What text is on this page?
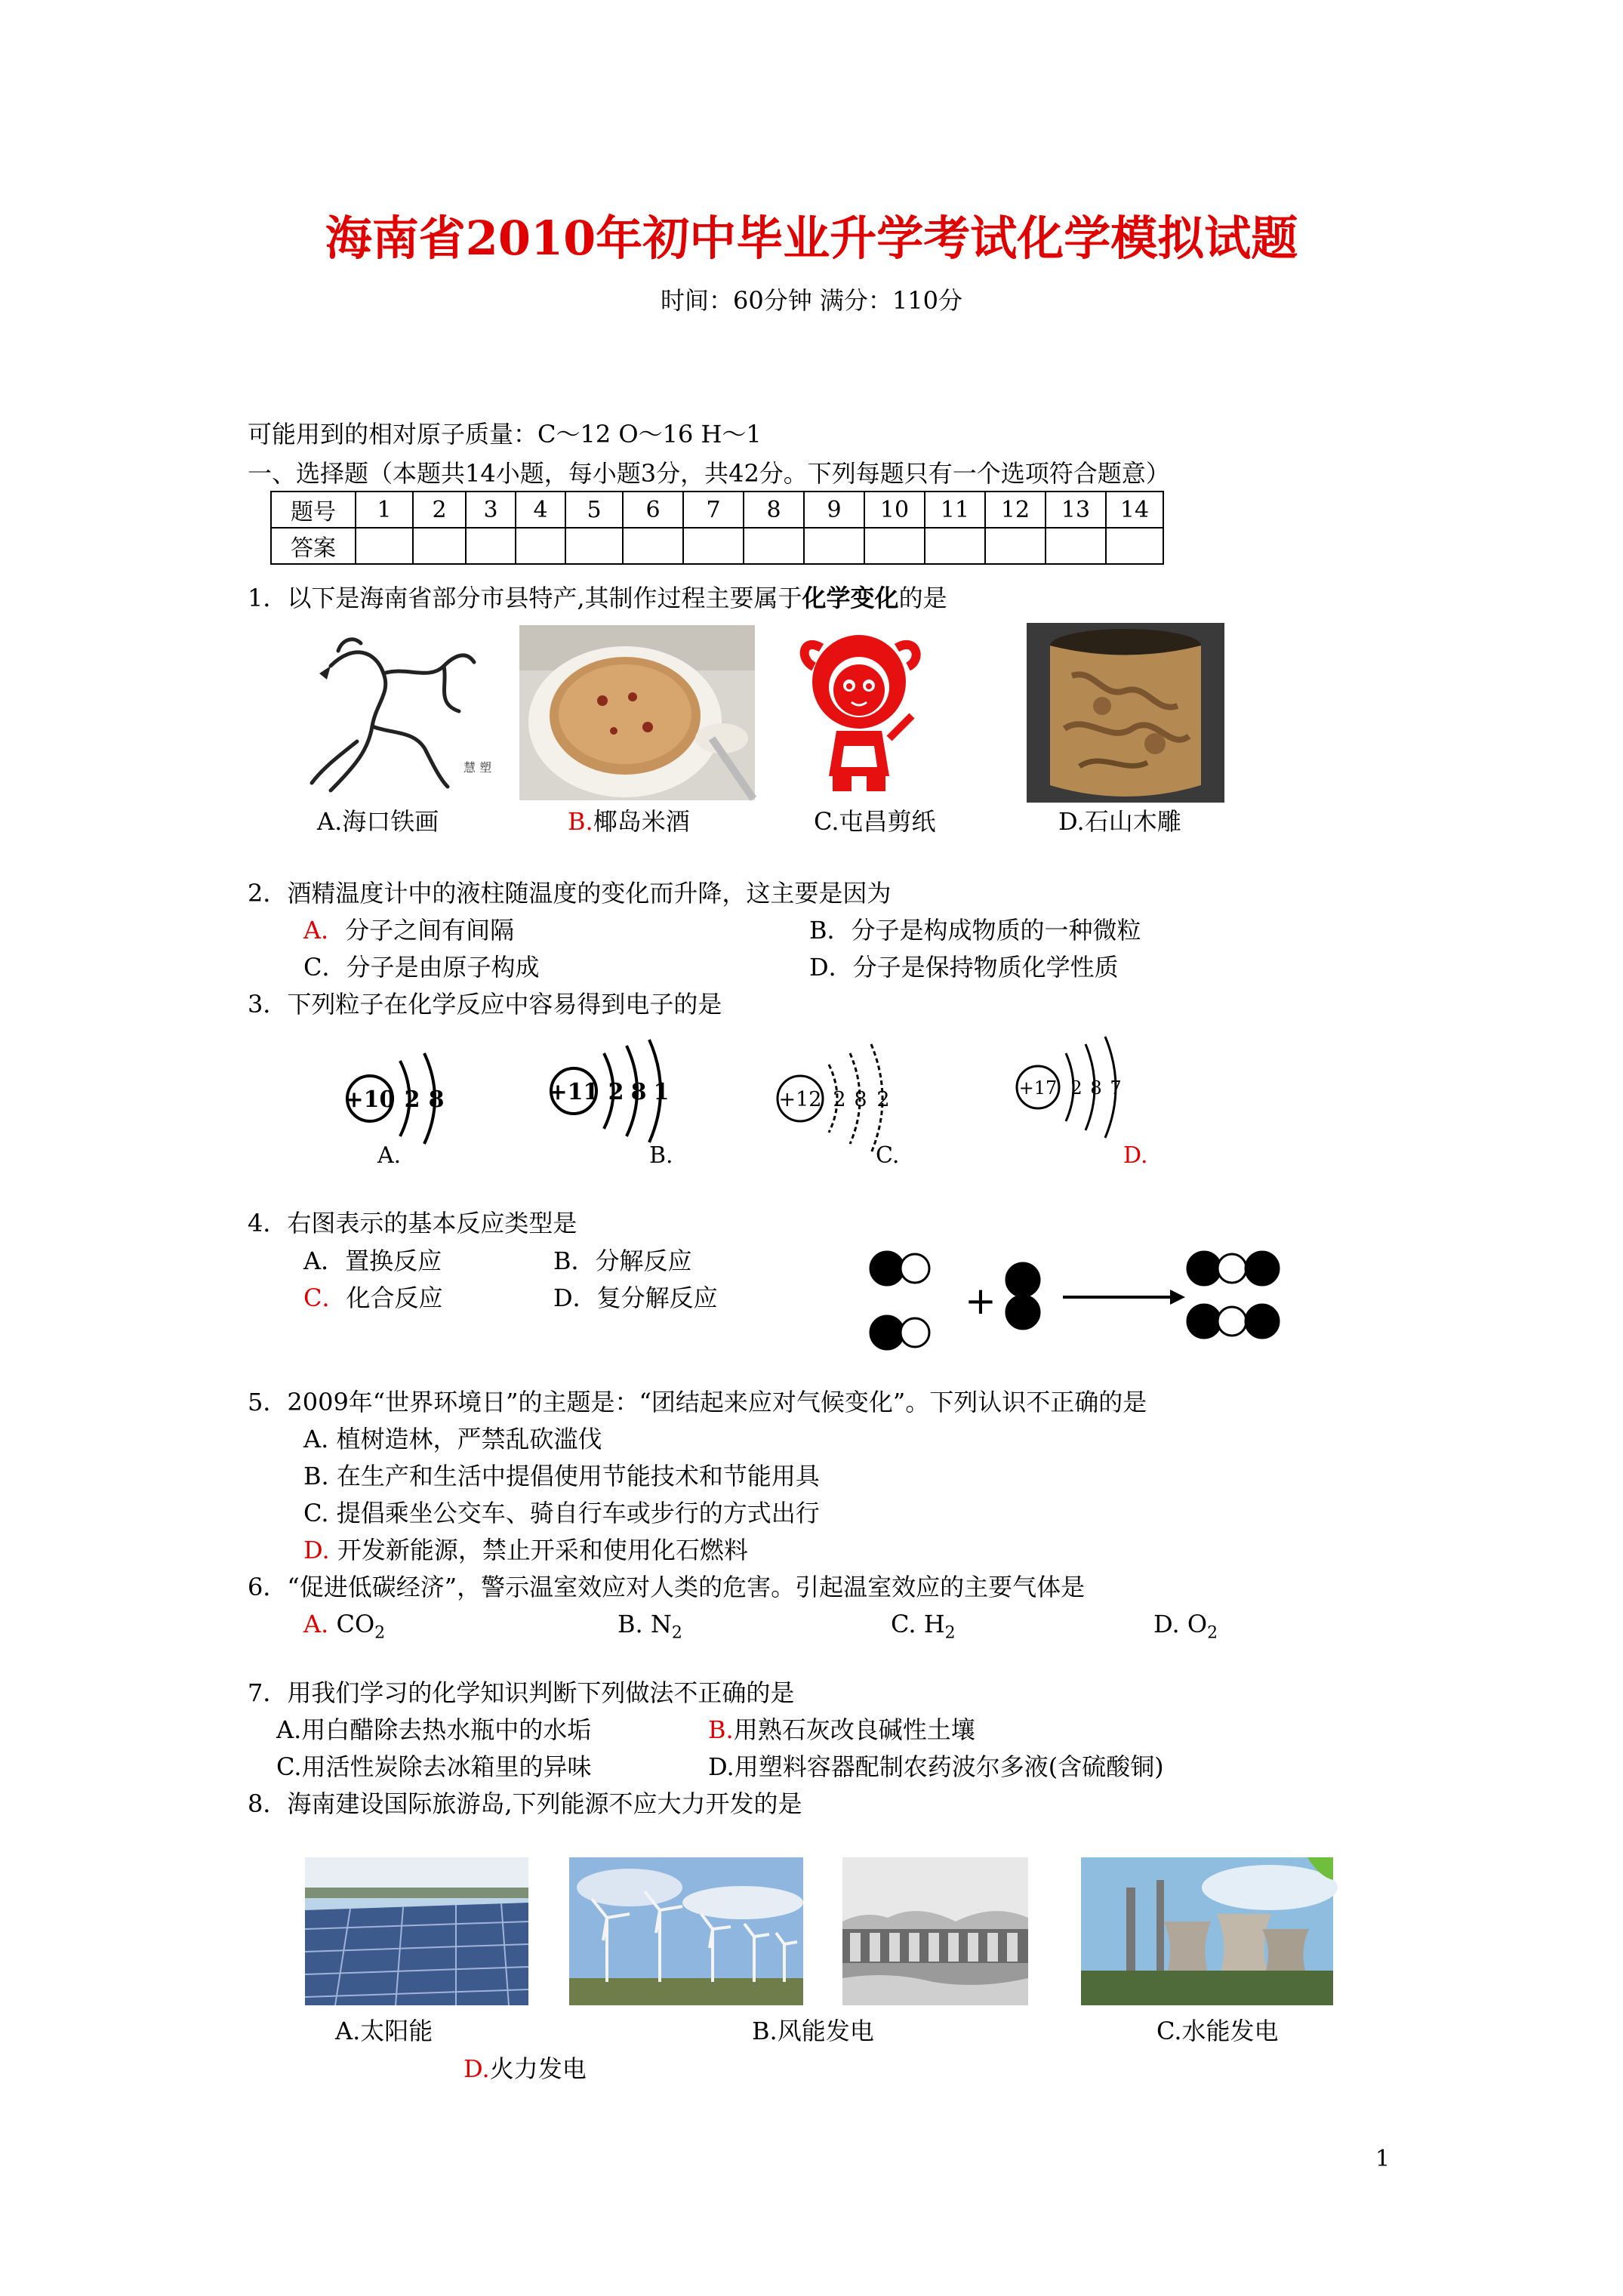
海南省2010年初中毕业升学考试化学模拟试题
时间：60分钟 满分：110分
可能用到的相对原子质量：C～12 O～16 H～1
一、选择题（本题共14小题，每小题3分，共42分。下列每题只有一个选项符合题意）
题号	1	2	3	4	5	6	7	8	9	10	11	12	13	14
答案														
1．以下是海南省部分市县特产,其制作过程主要属于化学变化的是
慧 塑
A.海口铁画	B.椰岛米酒	C.屯昌剪纸	D.石山木雕
2．酒精温度计中的液柱随温度的变化而升降，这主要是因为
A．分子之间有间隔	B．分子是构成物质的一种微粒
C．分子是由原子构成	D．分子是保持物质化学性质
3．下列粒子在化学反应中容易得到电子的是
+10 2 8
A.
+11 2 8 1
B.
+12 2 8 2
C.
+17 2 8 7
D.
4．右图表示的基本反应类型是
A．置换反应	B．分解反应
C．化合反应	D．复分解反应	+
5．2009年“世界环境日”的主题是：“团结起来应对气候变化”。下列认识不正确的是
A. 植树造林，严禁乱砍滥伐
B. 在生产和生活中提倡使用节能技术和节能用具
C. 提倡乘坐公交车、骑自行车或步行的方式出行
D. 开发新能源，禁止开采和使用化石燃料
6．“促进低碳经济”，警示温室效应对人类的危害。引起温室效应的主要气体是
A. $CO_2$	B. $N_2$	C. $H_2$	D. $O_2$
7．用我们学习的化学知识判断下列做法不正确的是
A.用白醋除去热水瓶中的水垢	B.用熟石灰改良碱性土壤
C.用活性炭除去冰箱里的异味	D.用塑料容器配制农药波尔多液(含硫酸铜)
8．海南建设国际旅游岛,下列能源不应大力开发的是
A.太阳能	B.风能发电	C.水能发电
D.火力发电
1
